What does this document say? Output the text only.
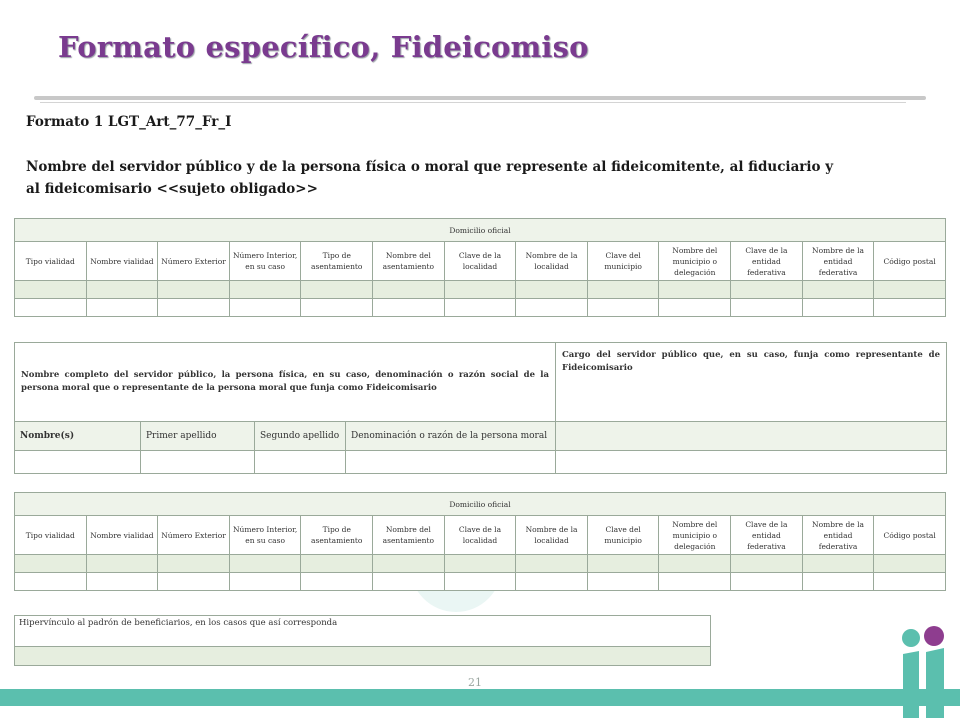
Formato específico, Fideicomiso
Formato 1 LGT_Art_77_Fr_I
Nombre del servidor público y de la persona física o moral que represente al fideicomitente, al fiduciario y al fideicomisario <<sujeto obligado>>
Domicilio oficial												
Tipo vialidad	Nombre vialidad	Número Exterior	Número Interior, en su caso	Tipo de asentamiento	Nombre del asentamiento	Clave de la localidad	Nombre de la localidad	Clave del municipio	Nombre del municipio o delegación	Clave de la entidad federativa	Nombre de la entidad federativa	Código postal

Nombre completo del servidor público, la persona física, en su caso, denominación o razón social de la persona moral que o representante de la persona moral que funja como Fideicomisario				Cargo del servidor público que, en su caso, funja como representante de Fideicomisario
Nombre(s)	Primer apellido	Segundo apellido	Denominación o razón de la persona moral	

Domicilio oficial												
Tipo vialidad	Nombre vialidad	Número Exterior	Número Interior, en su caso	Tipo de asentamiento	Nombre del asentamiento	Clave de la localidad	Nombre de la localidad	Clave del municipio	Nombre del municipio o delegación	Clave de la entidad federativa	Nombre de la entidad federativa	Código postal

Hipervínculo al padrón de beneficiarios, en los casos que así corresponda

21
